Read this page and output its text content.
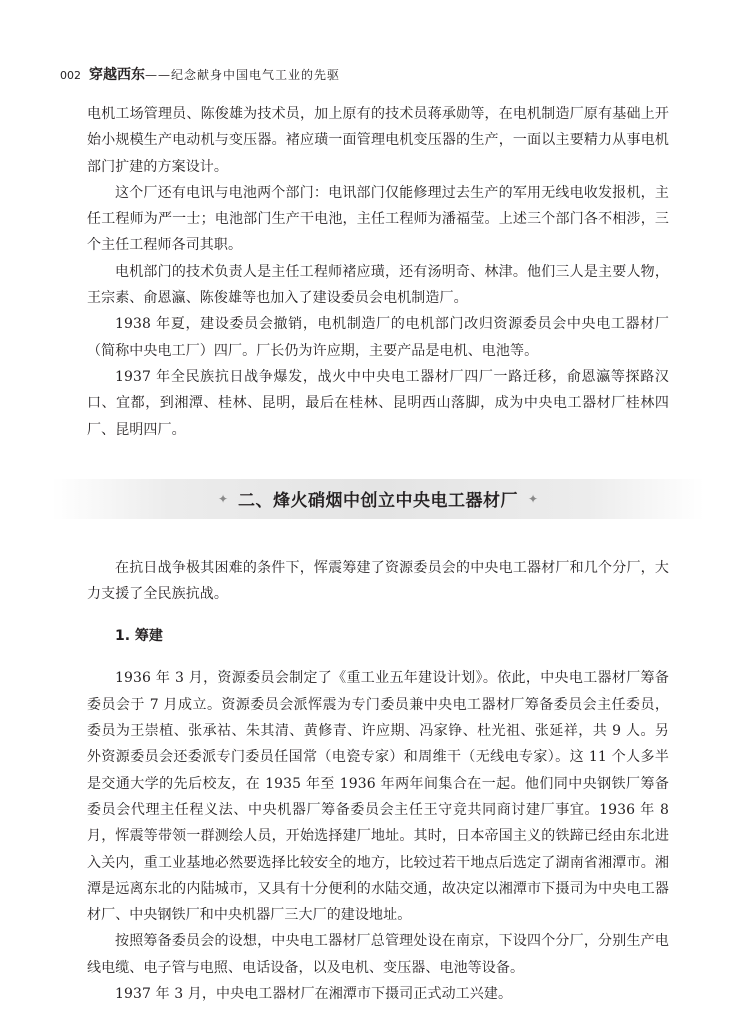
002 穿越西东 ——纪念献身中国电气工业的先驱

电机工场管理员、陈俊雄为技术员，加上原有的技术员蒋承勋等，在电机制造厂原有基础上开始小规模生产电动机与变压器。褚应璜一面管理电机变压器的生产，一面以主要精力从事电机部门扩建的方案设计。

这个厂还有电讯与电池两个部门：电讯部门仅能修理过去生产的军用无线电收发报机，主任工程师为严一士；电池部门生产干电池，主任工程师为潘福莹。上述三个部门各不相涉，三个主任工程师各司其职。

电机部门的技术负责人是主任工程师褚应璜，还有汤明奇、林津。他们三人是主要人物，王宗素、俞恩瀛、陈俊雄等也加入了建设委员会电机制造厂。

1938 年夏，建设委员会撤销，电机制造厂的电机部门改归资源委员会中央电工器材厂（简称中央电工厂）四厂。厂长仍为许应期，主要产品是电机、电池等。

1937 年全民族抗日战争爆发，战火中中央电工器材厂四厂一路迁移，俞恩瀛等探路汉口、宜都，到湘潭、桂林、昆明，最后在桂林、昆明西山落脚，成为中央电工器材厂桂林四厂、昆明四厂。

✦ 二、烽火硝烟中创立中央电工器材厂 ✦

在抗日战争极其困难的条件下，恽震筹建了资源委员会的中央电工器材厂和几个分厂，大力支援了全民族抗战。

1. 筹建

1936 年 3 月，资源委员会制定了《重工业五年建设计划》。依此，中央电工器材厂筹备委员会于 7 月成立。资源委员会派恽震为专门委员兼中央电工器材厂筹备委员会主任委员，委员为王崇植、张承祜、朱其清、黄修青、许应期、冯家铮、杜光祖、张延祥，共 9 人。另外资源委员会还委派专门委员任国常（电瓷专家）和周维干（无线电专家）。这 11 个人多半是交通大学的先后校友，在 1935 年至 1936 年两年间集合在一起。他们同中央钢铁厂筹备委员会代理主任程义法、中央机器厂筹备委员会主任王守竞共同商讨建厂事宜。1936 年 8 月，恽震等带领一群测绘人员，开始选择建厂地址。其时，日本帝国主义的铁蹄已经由东北进入关内，重工业基地必然要选择比较安全的地方，比较过若干地点后选定了湖南省湘潭市。湘潭是远离东北的内陆城市，又具有十分便利的水陆交通，故决定以湘潭市下摄司为中央电工器材厂、中央钢铁厂和中央机器厂三大厂的建设地址。

按照筹备委员会的设想，中央电工器材厂总管理处设在南京，下设四个分厂，分别生产电线电缆、电子管与电照、电话设备，以及电机、变压器、电池等设备。

1937 年 3 月，中央电工器材厂在湘潭市下摄司正式动工兴建。
